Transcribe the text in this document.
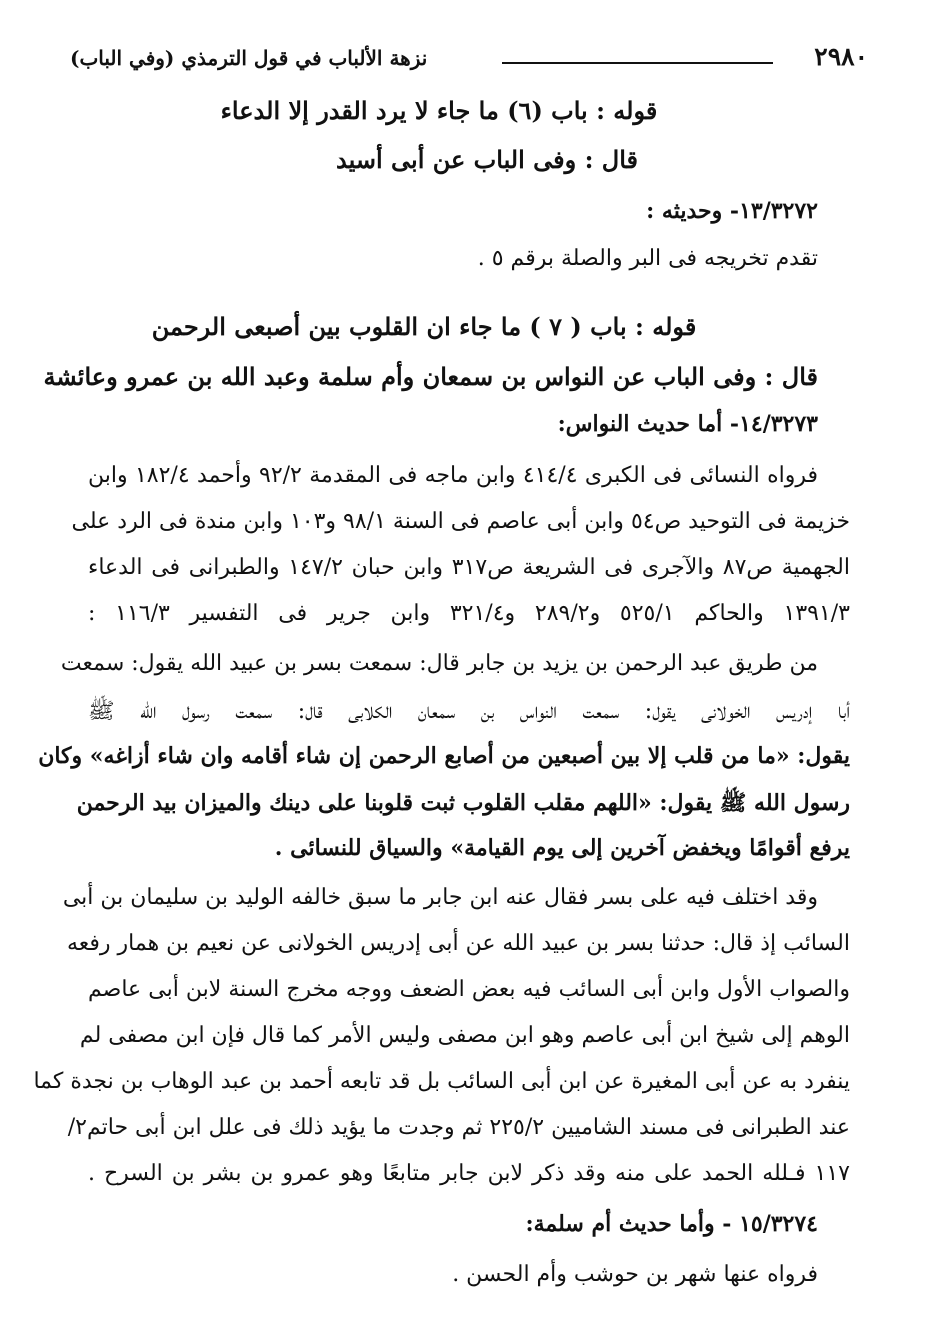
٢٩٨٠
نزهة الألباب في قول الترمذي (وفي الباب)
قوله : باب (٦) ما جاء لا يرد القدر إلا الدعاء
قال : وفى الباب عن أبى أسيد
١٣/٣٢٧٢- وحديثه :
تقدم تخريجه فى البر والصلة برقم ٥ .
قوله : باب ( ٧ ) ما جاء ان القلوب بين أصبعى الرحمن
قال : وفى الباب عن النواس بن سمعان وأم سلمة وعبد الله بن عمرو وعائشة
١٤/٣٢٧٣- أما حديث النواس:
فرواه النسائى فى الكبرى ٤١٤/٤ وابن ماجه فى المقدمة ٩٢/٢ وأحمد ١٨٢/٤ وابن
خزيمة فى التوحيد ص٥٤ وابن أبى عاصم فى السنة ٩٨/١ و١٠٣ وابن مندة فى الرد على
الجهمية ص٨٧ والآجرى فى الشريعة ص٣١٧ وابن حبان ١٤٧/٢ والطبرانى فى الدعاء
١٣٩١/٣ والحاكم ٥٢٥/١ و٢٨٩/٢ و٣٢١/٤ وابن جرير فى التفسير ١١٦/٣ :
من طريق عبد الرحمن بن يزيد بن جابر قال: سمعت بسر بن عبيد الله يقول: سمعت
أبا إدريس الخولانى يقول: سمعت النواس بن سمعان الكلابى قال: سمعت رسول الله ﷺ
يقول: «ما من قلب إلا بين أصبعين من أصابع الرحمن إن شاء أقامه وان شاء أزاغه» وكان
رسول الله ﷺ يقول: «اللهم مقلب القلوب ثبت قلوبنا على دينك والميزان بيد الرحمن
يرفع أقوامًا ويخفض آخرين إلى يوم القيامة» والسياق للنسائى .
وقد اختلف فيه على بسر فقال عنه ابن جابر ما سبق خالفه الوليد بن سليمان بن أبى
السائب إذ قال: حدثنا بسر بن عبيد الله عن أبى إدريس الخولانى عن نعيم بن همار رفعه
والصواب الأول وابن أبى السائب فيه بعض الضعف ووجه مخرج السنة لابن أبى عاصم
الوهم إلى شيخ ابن أبى عاصم وهو ابن مصفى وليس الأمر كما قال فإن ابن مصفى لم
ينفرد به عن أبى المغيرة عن ابن أبى السائب بل قد تابعه أحمد بن عبد الوهاب بن نجدة كما
عند الطبرانى فى مسند الشاميين ٢٢٥/٢ ثم وجدت ما يؤيد ذلك فى علل ابن أبى حاتم٢/
١١٧ فـلله الحمد على منه وقد ذكر لابن جابر متابعًا وهو عمرو بن بشر بن السرح .
١٥/٣٢٧٤ - وأما حديث أم سلمة:
فرواه عنها شهر بن حوشب وأم الحسن .
